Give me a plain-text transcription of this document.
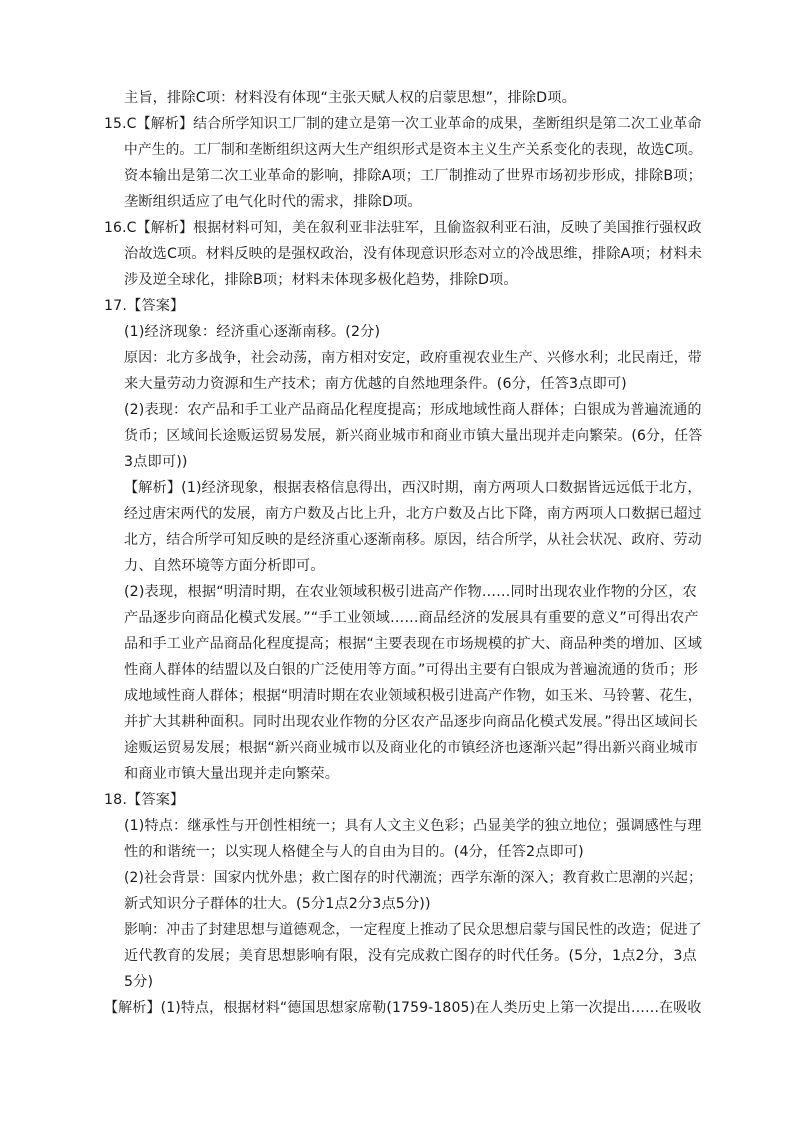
主旨，排除C项：材料没有体现“主张天赋人权的启蒙思想”，排除D项。
15.C【解析】结合所学知识工厂制的建立是第一次工业革命的成果，垄断组织是第二次工业革命
中产生的。工厂制和垄断组织这两大生产组织形式是资本主义生产关系变化的表现，故选C项。
资本输出是第二次工业革命的影响，排除A项；工厂制推动了世界市场初步形成，排除B项；
垄断组织适应了电气化时代的需求，排除D项。
16.C【解析】根据材料可知，美在叙利亚非法驻军，且偷盗叙利亚石油，反映了美国推行强权政
治故选C项。材料反映的是强权政治，没有体现意识形态对立的冷战思维，排除A项；材料未
涉及逆全球化，排除B项；材料未体现多极化趋势，排除D项。
17.【答案】
(1)经济现象：经济重心逐渐南移。(2分)
原因：北方多战争，社会动荡，南方相对安定，政府重视农业生产、兴修水利；北民南迁，带
来大量劳动力资源和生产技术；南方优越的自然地理条件。(6分，任答3点即可)
(2)表现：农产品和手工业产品商品化程度提高；形成地域性商人群体；白银成为普遍流通的
货币；区域间长途贩运贸易发展，新兴商业城市和商业市镇大量出现并走向繁荣。(6分，任答
3点即可))
【解析】(1)经济现象，根据表格信息得出，西汉时期，南方两项人口数据皆远远低于北方，
经过唐宋两代的发展，南方户数及占比上升，北方户数及占比下降，南方两项人口数据已超过
北方，结合所学可知反映的是经济重心逐渐南移。原因，结合所学，从社会状况、政府、劳动
力、自然环境等方面分析即可。
(2)表现，根据“明清时期，在农业领域积极引进高产作物……同时出现农业作物的分区，农
产品逐步向商品化模式发展。”“手工业领域……商品经济的发展具有重要的意义”可得出农产
品和手工业产品商品化程度提高；根据“主要表现在市场规模的扩大、商品种类的增加、区域
性商人群体的结盟以及白银的广泛使用等方面。”可得出主要有白银成为普遍流通的货币；形
成地域性商人群体；根据“明清时期在农业领域积极引进高产作物，如玉米、马铃薯、花生，
并扩大其耕种面积。同时出现农业作物的分区农产品逐步向商品化模式发展。”得出区域间长
途贩运贸易发展；根据“新兴商业城市以及商业化的市镇经济也逐渐兴起”得出新兴商业城市
和商业市镇大量出现并走向繁荣。
18.【答案】
(1)特点：继承性与开创性相统一；具有人文主义色彩；凸显美学的独立地位；强调感性与理
性的和谐统一；以实现人格健全与人的自由为目的。(4分，任答2点即可)
(2)社会背景：国家内忧外患；救亡图存的时代潮流；西学东渐的深入；教育救亡思潮的兴起；
新式知识分子群体的壮大。(5分1点2分3点5分))
影响：冲击了封建思想与道德观念，一定程度上推动了民众思想启蒙与国民性的改造；促进了
近代教育的发展；美育思想影响有限，没有完成救亡图存的时代任务。(5分，1点2分，3点
5分)
【解析】(1)特点，根据材料“德国思想家席勒(1759-1805)在人类历史上第一次提出……在吸收
